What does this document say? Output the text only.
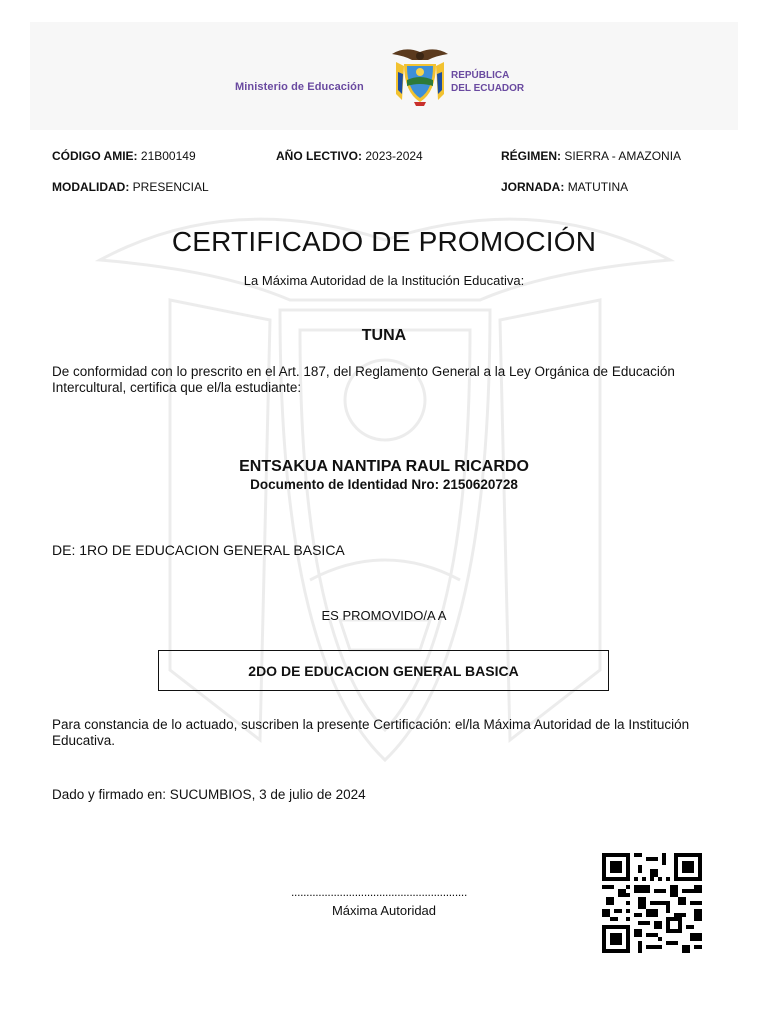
Ministerio de Educación
REPÚBLICA
DEL ECUADOR
CÓDIGO AMIE: 21B00149	AÑO LECTIVO: 2023-2024	RÉGIMEN: SIERRA - AMAZONIA
MODALIDAD: PRESENCIAL	JORNADA: MATUTINA
CERTIFICADO DE PROMOCIÓN
La Máxima Autoridad de la Institución Educativa:
TUNA
De conformidad con lo prescrito en el Art. 187, del Reglamento General a la Ley Orgánica de Educación Intercultural, certifica que el/la estudiante:
ENTSAKUA NANTIPA RAUL RICARDO
Documento de Identidad Nro: 2150620728
DE: 1RO DE EDUCACION GENERAL BASICA
ES PROMOVIDO/A A
2DO DE EDUCACION GENERAL BASICA
Para constancia de lo actuado, suscriben la presente Certificación: el/la Máxima Autoridad de la Institución Educativa.
Dado y firmado en: SUCUMBIOS, 3 de julio de 2024
..........................................................
Máxima Autoridad
